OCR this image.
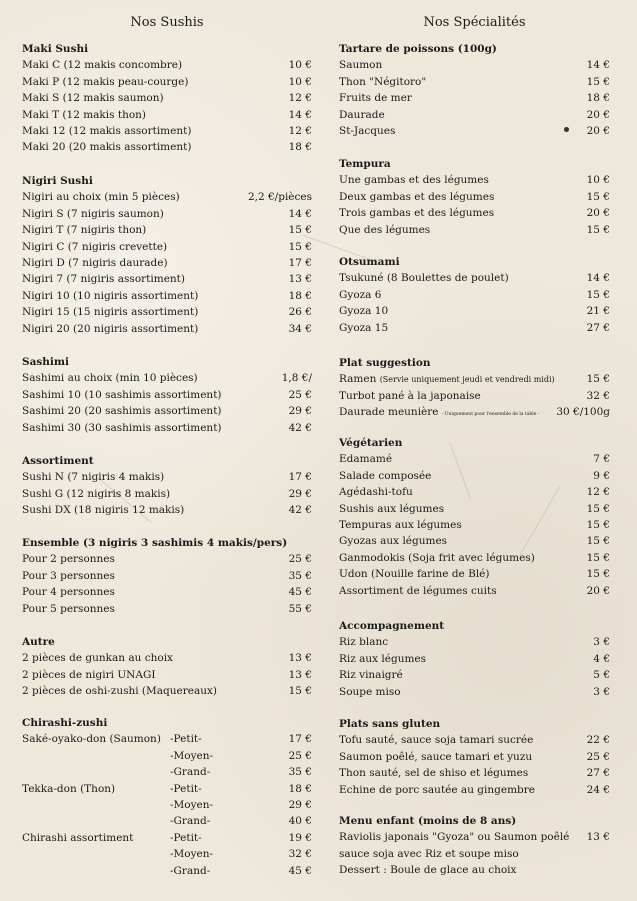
Nos Sushis
Maki Sushi
Maki C (12 makis concombre)	10 €
Maki P (12 makis peau-courge)	10 €
Maki S (12 makis saumon)	12 €
Maki T (12 makis thon)	14 €
Maki 12 (12 makis assortiment)	12 €
Maki 20 (20 makis assortiment)	18 €
Nigiri Sushi
Nigiri au choix (min 5 pièces)	2,2 €/pièces
Nigiri S (7 nigiris saumon)	14 €
Nigiri T (7 nigiris thon)	15 €
Nigiri C (7 nigiris crevette)	15 €
Nigiri D (7 nigiris daurade)	17 €
Nigiri 7 (7 nigiris assortiment)	13 €
Nigiri 10 (10 nigiris assortiment)	18 €
Nigiri 15 (15 nigiris assortiment)	26 €
Nigiri 20 (20 nigiris assortiment)	34 €
Sashimi
Sashimi au choix (min 10 pièces)	1,8 €/
Sashimi 10 (10 sashimis assortiment)	25 €
Sashimi 20 (20 sashimis assortiment)	29 €
Sashimi 30 (30 sashimis assortiment)	42 €
Assortiment
Sushi N (7 nigiris 4 makis)	17 €
Sushi G (12 nigiris 8 makis)	29 €
Sushi DX (18 nigiris 12 makis)	42 €
Ensemble (3 nigiris 3 sashimis 4 makis/pers)
Pour 2 personnes	25 €
Pour 3 personnes	35 €
Pour 4 personnes	45 €
Pour 5 personnes	55 €
Autre
2 pièces de gunkan au choix	13 €
2 pièces de nigiri UNAGI	13 €
2 pièces de oshi-zushi (Maquereaux)	15 €
Chirashi-zushi
Saké-oyako-don (Saumon) -Petit-	17 €
-Moyen-	25 €
-Grand-	35 €
Tekka-don (Thon)	-Petit-	18 €
-Moyen-	29 €
-Grand-	40 €
Chirashi assortiment	-Petit-	19 €
-Moyen-	32 €
-Grand-	45 €
Nos Spécialités
Tartare de poissons (100g)
Saumon	14 €
Thon "Négitoro"	15 €
Fruits de mer	18 €
Daurade	20 €
St-Jacques	20 €
Tempura
Une gambas et des légumes	10 €
Deux gambas et des légumes	15 €
Trois gambas et des légumes	20 €
Que des légumes	15 €
Otsumami
Tsukuné (8 Boulettes de poulet)	14 €
Gyoza 6	15 €
Gyoza 10	21 €
Gyoza 15	27 €
Plat suggestion
Ramen (Servie uniquement jeudi et vendredi midi)	15 €
Turbot pané à la japonaise	32 €
Daurade meunière - Uniquement pour l'ensemble de la table - 30 €/100g
Végétarien
Edamamé	7 €
Salade composée	9 €
Agédashi-tofu	12 €
Sushis aux légumes	15 €
Tempuras aux légumes	15 €
Gyozas aux légumes	15 €
Ganmodokis (Soja frit avec légumes)	15 €
Udon (Nouille farine de Blé)	15 €
Assortiment de légumes cuits	20 €
Accompagnement
Riz blanc	3 €
Riz aux légumes	4 €
Riz vinaigré	5 €
Soupe miso	3 €
Plats sans gluten
Tofu sauté, sauce soja tamari sucrée	22 €
Saumon poêlé, sauce tamari et yuzu	25 €
Thon sauté, sel de shiso et légumes	27 €
Echine de porc sautée au gingembre	24 €
Menu enfant (moins de 8 ans)
Raviolis japonais "Gyoza" ou Saumon poêlé 13 €
sauce soja avec Riz et soupe miso
Dessert : Boule de glace au choix
